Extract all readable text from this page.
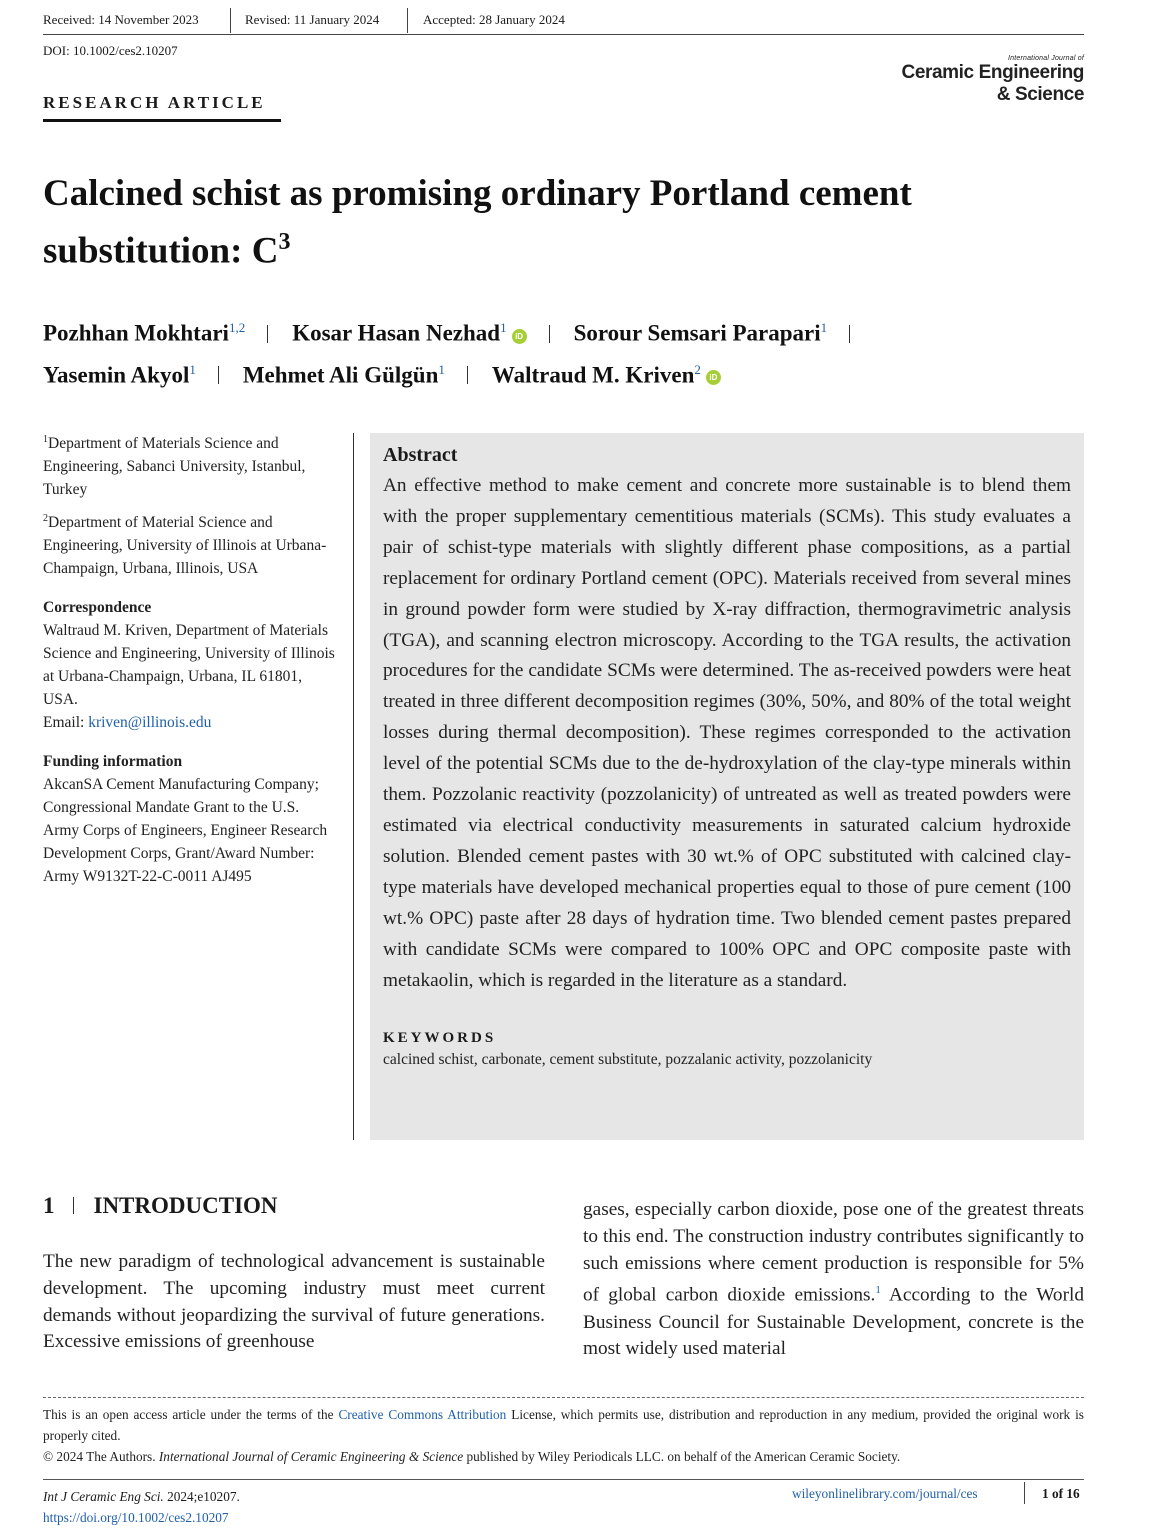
Received: 14 November 2023	Revised: 11 January 2024	Accepted: 28 January 2024
DOI: 10.1002/ces2.10207
International Journal of
Ceramic Engineering
& Science
RESEARCH ARTICLE
Calcined schist as promising ordinary Portland cement substitution: $C^3$
Pozhhan Mokhtari$^{1,2}$ Kosar Hasan Nezhad$^1$iD Sorour Semsari Parapari$^1$
Yasemin Akyol$^1$ Mehmet Ali Gülgün$^1$ Waltraud M. Kriven$^2$iD

$^1$Department of Materials Science and Engineering, Sabanci University, Istanbul, Turkey

$^2$Department of Material Science and Engineering, University of Illinois at Urbana-Champaign, Urbana, Illinois, USA

Correspondence
Waltraud M. Kriven, Department of Materials Science and Engineering, University of Illinois at Urbana-Champaign, Urbana, IL 61801, USA.
Email: kriven@illinois.edu
Funding information
AkcanSA Cement Manufacturing Company; Congressional Mandate Grant to the U.S. Army Corps of Engineers, Engineer Research Development Corps, Grant/Award Number: Army W9132T-22-C-0011 AJ495
Abstract
An effective method to make cement and concrete more sustainable is to blend them with the proper supplementary cementitious materials (SCMs). This study evaluates a pair of schist-type materials with slightly different phase compositions, as a partial replacement for ordinary Portland cement (OPC). Materials received from several mines in ground powder form were studied by X-ray diffraction, thermogravimetric analysis (TGA), and scanning electron microscopy. According to the TGA results, the activation procedures for the candidate SCMs were determined. The as-received powders were heat treated in three different decomposition regimes (30%, 50%, and 80% of the total weight losses during thermal decomposition). These regimes corresponded to the activation level of the potential SCMs due to the de-hydroxylation of the clay-type minerals within them. Pozzolanic reactivity (pozzolanicity) of untreated as well as treated powders were estimated via electrical conductivity measurements in saturated calcium hydroxide solution. Blended cement pastes with 30 wt.% of OPC substituted with calcined clay-type materials have developed mechanical properties equal to those of pure cement (100 wt.% OPC) paste after 28 days of hydration time. Two blended cement pastes prepared with candidate SCMs were compared to 100% OPC and OPC composite paste with metakaolin, which is regarded in the literature as a standard.
KEYWORDS
calcined schist, carbonate, cement substitute, pozzalanic activity, pozzolanicity
1 INTRODUCTION
The new paradigm of technological advancement is sustainable development. The upcoming industry must meet current demands without jeopardizing the survival of future generations. Excessive emissions of greenhouse
gases, especially carbon dioxide, pose one of the greatest threats to this end. The construction industry contributes significantly to such emissions where cement production is responsible for 5% of global carbon dioxide emissions.$^1$ According to the World Business Council for Sustainable Development, concrete is the most widely used material
This is an open access article under the terms of the Creative Commons Attribution License, which permits use, distribution and reproduction in any medium, provided the original work is properly cited.
© 2024 The Authors. International Journal of Ceramic Engineering & Science published by Wiley Periodicals LLC. on behalf of the American Ceramic Society.
Int J Ceramic Eng Sci. 2024;e10207.
https://doi.org/10.1002/ces2.10207
wileyonlinelibrary.com/journal/ces	1 of 16
